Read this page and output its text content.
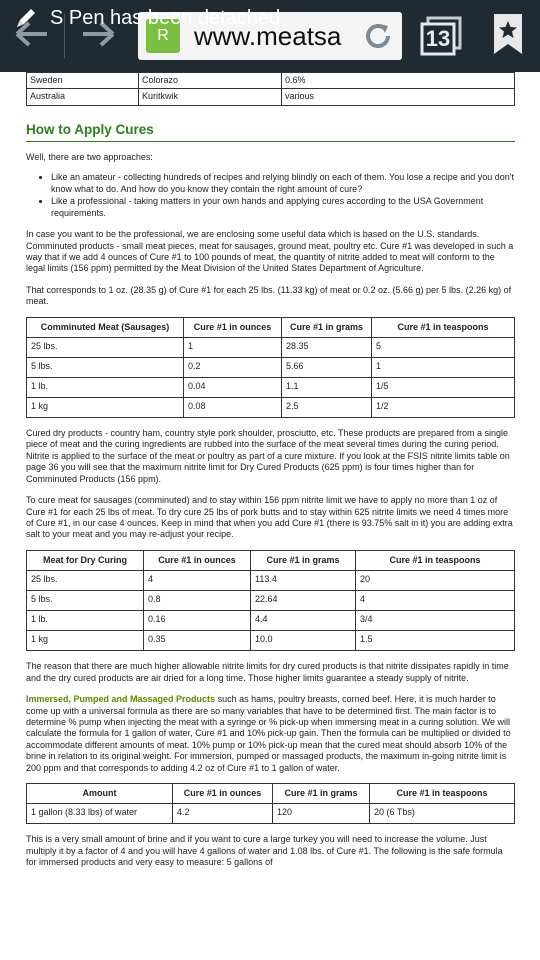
S Pen has been detached
R www.meatsa	13
Sweden	Colorazo	0.6%
Australia	Kuritkwik	various
How to Apply Cures

Well, there are two approaches:

• Like an amateur - collecting hundreds of recipes and relying blindly on each of them. You lose a recipe and you don't know what to do. And how do you know they contain the right amount of cure?
• Like a professional - taking matters in your own hands and applying cures according to the USA Government requirements.

In case you want to be the professional, we are enclosing some useful data which is based on the U.S. standards. Comminuted products - small meat pieces, meat for sausages, ground meat, poultry etc. Cure #1 was developed in such a way that if we add 4 ounces of Cure #1 to 100 pounds of meat, the quantity of nitrite added to meat will conform to the legal limits (156 ppm) permitted by the Meat Division of the United States Department of Agriculture.

That corresponds to 1 oz. (28.35 g) of Cure #1 for each 25 lbs. (11.33 kg) of meat or 0.2 oz. (5.66 g) per 5 lbs. (2.26 kg) of meat.

Comminuted Meat (Sausages)	Cure #1 in ounces	Cure #1 in grams	Cure #1 in teaspoons
25 lbs.	1	28.35	5
5 lbs.	0.2	5.66	1
1 lb.	0.04	1.1	1/5
1 kg	0.08	2.5	1/2

Cured dry products - country ham, country style pork shoulder, prosciutto, etc. These products are prepared from a single piece of meat and the curing ingredients are rubbed into the surface of the meat several times during the curing period. Nitrite is applied to the surface of the meat or poultry as part of a cure mixture. If you look at the FSIS nitrite limits table on page 36 you will see that the maximum nitrite limit for Dry Cured Products (625 ppm) is four times higher than for Comminuted Products (156 ppm).

To cure meat for sausages (comminuted) and to stay within 156 ppm nitrite limit we have to apply no more than 1 oz of Cure #1 for each 25 lbs of meat. To dry cure 25 lbs of pork butts and to stay within 625 nitrite limits we need 4 times more of Cure #1, in our case 4 ounces. Keep in mind that when you add Cure #1 (there is 93.75% salt in it) you are adding extra salt to your meat and you may re-adjust your recipe.

Meat for Dry Curing	Cure #1 in ounces	Cure #1 in grams	Cure #1 in teaspoons
25 lbs.	4	113.4	20
5 lbs.	0.8	22.64	4
1 lb.	0.16	4.4	3/4
1 kg	0.35	10.0	1.5

The reason that there are much higher allowable nitrite limits for dry cured products is that nitrite dissipates rapidly in time and the dry cured products are air dried for a long time. Those higher limits guarantee a steady supply of nitrite.

Immersed, Pumped and Massaged Products such as hams, poultry breasts, corned beef. Here, it is much harder to come up with a universal formula as there are so many variables that have to be determined first. The main factor is to determine % pump when injecting the meat with a syringe or % pick-up when immersing meat in a curing solution. We will calculate the formula for 1 gallon of water, Cure #1 and 10% pick-up gain. Then the formula can be multiplied or divided to accommodate different amounts of meat. 10% pump or 10% pick-up mean that the cured meat should absorb 10% of the brine in relation to its original weight. For immersion, pumped or massaged products, the maximum in-going nitrite limit is 200 ppm and that corresponds to adding 4.2 oz of Cure #1 to 1 gallon of water.

Amount	Cure #1 in ounces	Cure #1 in grams	Cure #1 in teaspoons
1 gallon (8.33 lbs) of water	4.2	120	20 (6 Tbs)

This is a very small amount of brine and if you want to cure a large turkey you will need to increase the volume. Just multiply it by a factor of 4 and you will have 4 gallons of water and 1.08 lbs. of Cure #1. The following is the safe formula for immersed products and very easy to measure: 5 gallons of
